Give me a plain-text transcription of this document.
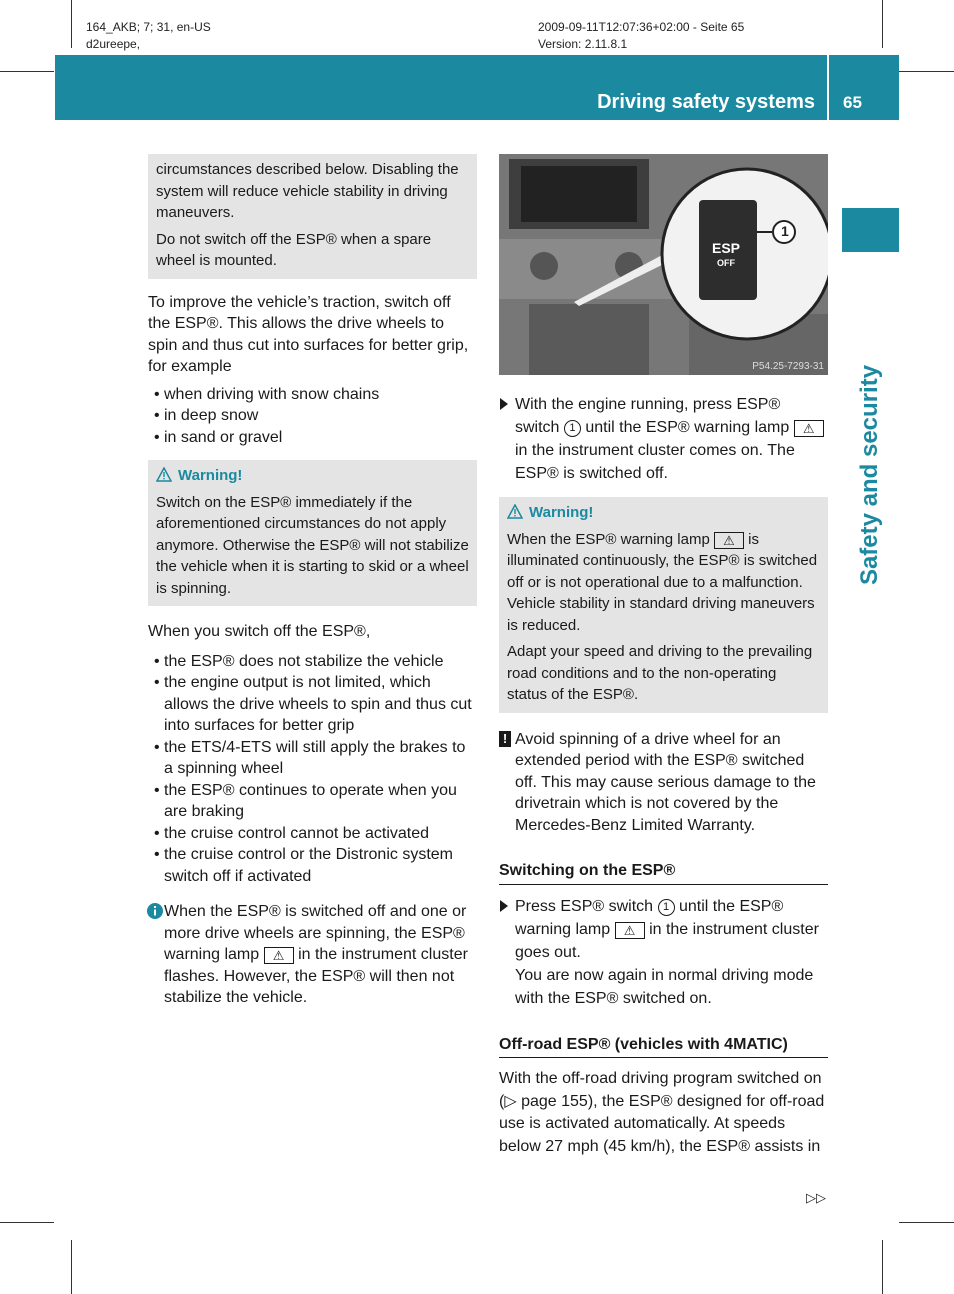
164_AKB; 7; 31, en-US
d2ureepe,
2009-09-11T12:07:36+02:00 - Seite 65
Version: 2.11.8.1
Driving safety systems 65
Safety and security

circumstances described below. Disabling the system will reduce vehicle stability in driving maneuvers.

Do not switch off the ESP® when a spare wheel is mounted.

To improve the vehicle’s traction, switch off the ESP®. This allows the drive wheels to spin and thus cut into surfaces for better grip, for example

• when driving with snow chains

• in deep snow

• in sand or gravel

Warning!

Switch on the ESP® immediately if the aforementioned circumstances do not apply anymore. Otherwise the ESP® will not stabilize the vehicle when it is starting to skid or a wheel is spinning.

When you switch off the ESP®,

• the ESP® does not stabilize the vehicle

• the engine output is not limited, which allows the drive wheels to spin and thus cut into surfaces for better grip

• the ETS/4-ETS will still apply the brakes to a spinning wheel

• the ESP® continues to operate when you are braking

• the cruise control cannot be activated

• the cruise control or the Distronic system switch off if activated

When the ESP® is switched off and one or more drive wheels are spinning, the ESP® warning lamp ⚠ in the instrument cluster flashes. However, the ESP® will then not stabilize the vehicle.
ESP
OFF
1
P54.25-7293-31

With the engine running, press ESP® switch 1 until the ESP® warning lamp ⚠ in the instrument cluster comes on. The ESP® is switched off.

Warning!

When the ESP® warning lamp ⚠ is illuminated continuously, the ESP® is switched off or is not operational due to a malfunction. Vehicle stability in standard driving maneuvers is reduced.

Adapt your speed and driving to the prevailing road conditions and to the non-operating status of the ESP®.

! Avoid spinning of a drive wheel for an extended period with the ESP® switched off. This may cause serious damage to the drivetrain which is not covered by the Mercedes-Benz Limited Warranty.
Switching on the ESP®

Press ESP® switch 1 until the ESP® warning lamp ⚠ in the instrument cluster goes out.
You are now again in normal driving mode with the ESP® switched on.

Off-road ESP® (vehicles with 4MATIC)

With the off-road driving program switched on (▷ page 155), the ESP® designed for off-road use is activated automatically. At speeds below 27 mph (45 km/h), the ESP® assists in

▷▷
